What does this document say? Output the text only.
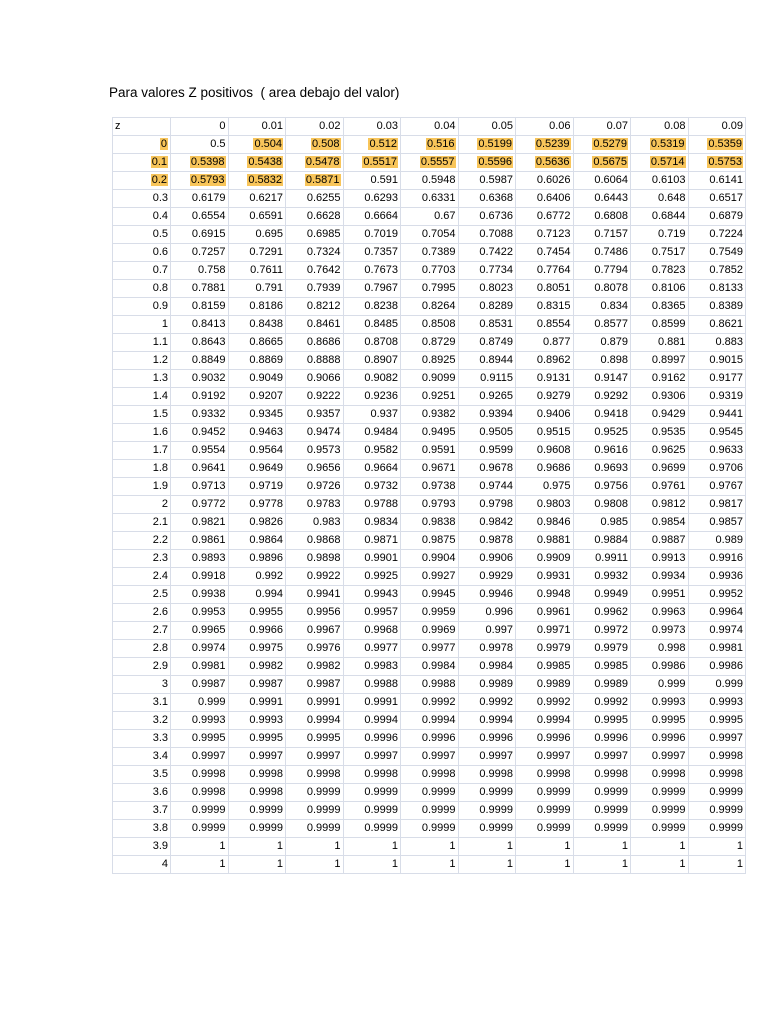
Para valores Z positivos  ( area debajo del valor)
z	0	0.01	0.02	0.03	0.04	0.05	0.06	0.07	0.08	0.09
0	0.5	0.504	0.508	0.512	0.516	0.5199	0.5239	0.5279	0.5319	0.5359
0.1	0.5398	0.5438	0.5478	0.5517	0.5557	0.5596	0.5636	0.5675	0.5714	0.5753
0.2	0.5793	0.5832	0.5871	0.591	0.5948	0.5987	0.6026	0.6064	0.6103	0.6141
0.3	0.6179	0.6217	0.6255	0.6293	0.6331	0.6368	0.6406	0.6443	0.648	0.6517
0.4	0.6554	0.6591	0.6628	0.6664	0.67	0.6736	0.6772	0.6808	0.6844	0.6879
0.5	0.6915	0.695	0.6985	0.7019	0.7054	0.7088	0.7123	0.7157	0.719	0.7224
0.6	0.7257	0.7291	0.7324	0.7357	0.7389	0.7422	0.7454	0.7486	0.7517	0.7549
0.7	0.758	0.7611	0.7642	0.7673	0.7703	0.7734	0.7764	0.7794	0.7823	0.7852
0.8	0.7881	0.791	0.7939	0.7967	0.7995	0.8023	0.8051	0.8078	0.8106	0.8133
0.9	0.8159	0.8186	0.8212	0.8238	0.8264	0.8289	0.8315	0.834	0.8365	0.8389
1	0.8413	0.8438	0.8461	0.8485	0.8508	0.8531	0.8554	0.8577	0.8599	0.8621
1.1	0.8643	0.8665	0.8686	0.8708	0.8729	0.8749	0.877	0.879	0.881	0.883
1.2	0.8849	0.8869	0.8888	0.8907	0.8925	0.8944	0.8962	0.898	0.8997	0.9015
1.3	0.9032	0.9049	0.9066	0.9082	0.9099	0.9115	0.9131	0.9147	0.9162	0.9177
1.4	0.9192	0.9207	0.9222	0.9236	0.9251	0.9265	0.9279	0.9292	0.9306	0.9319
1.5	0.9332	0.9345	0.9357	0.937	0.9382	0.9394	0.9406	0.9418	0.9429	0.9441
1.6	0.9452	0.9463	0.9474	0.9484	0.9495	0.9505	0.9515	0.9525	0.9535	0.9545
1.7	0.9554	0.9564	0.9573	0.9582	0.9591	0.9599	0.9608	0.9616	0.9625	0.9633
1.8	0.9641	0.9649	0.9656	0.9664	0.9671	0.9678	0.9686	0.9693	0.9699	0.9706
1.9	0.9713	0.9719	0.9726	0.9732	0.9738	0.9744	0.975	0.9756	0.9761	0.9767
2	0.9772	0.9778	0.9783	0.9788	0.9793	0.9798	0.9803	0.9808	0.9812	0.9817
2.1	0.9821	0.9826	0.983	0.9834	0.9838	0.9842	0.9846	0.985	0.9854	0.9857
2.2	0.9861	0.9864	0.9868	0.9871	0.9875	0.9878	0.9881	0.9884	0.9887	0.989
2.3	0.9893	0.9896	0.9898	0.9901	0.9904	0.9906	0.9909	0.9911	0.9913	0.9916
2.4	0.9918	0.992	0.9922	0.9925	0.9927	0.9929	0.9931	0.9932	0.9934	0.9936
2.5	0.9938	0.994	0.9941	0.9943	0.9945	0.9946	0.9948	0.9949	0.9951	0.9952
2.6	0.9953	0.9955	0.9956	0.9957	0.9959	0.996	0.9961	0.9962	0.9963	0.9964
2.7	0.9965	0.9966	0.9967	0.9968	0.9969	0.997	0.9971	0.9972	0.9973	0.9974
2.8	0.9974	0.9975	0.9976	0.9977	0.9977	0.9978	0.9979	0.9979	0.998	0.9981
2.9	0.9981	0.9982	0.9982	0.9983	0.9984	0.9984	0.9985	0.9985	0.9986	0.9986
3	0.9987	0.9987	0.9987	0.9988	0.9988	0.9989	0.9989	0.9989	0.999	0.999
3.1	0.999	0.9991	0.9991	0.9991	0.9992	0.9992	0.9992	0.9992	0.9993	0.9993
3.2	0.9993	0.9993	0.9994	0.9994	0.9994	0.9994	0.9994	0.9995	0.9995	0.9995
3.3	0.9995	0.9995	0.9995	0.9996	0.9996	0.9996	0.9996	0.9996	0.9996	0.9997
3.4	0.9997	0.9997	0.9997	0.9997	0.9997	0.9997	0.9997	0.9997	0.9997	0.9998
3.5	0.9998	0.9998	0.9998	0.9998	0.9998	0.9998	0.9998	0.9998	0.9998	0.9998
3.6	0.9998	0.9998	0.9999	0.9999	0.9999	0.9999	0.9999	0.9999	0.9999	0.9999
3.7	0.9999	0.9999	0.9999	0.9999	0.9999	0.9999	0.9999	0.9999	0.9999	0.9999
3.8	0.9999	0.9999	0.9999	0.9999	0.9999	0.9999	0.9999	0.9999	0.9999	0.9999
3.9	1	1	1	1	1	1	1	1	1	1
4	1	1	1	1	1	1	1	1	1	1
